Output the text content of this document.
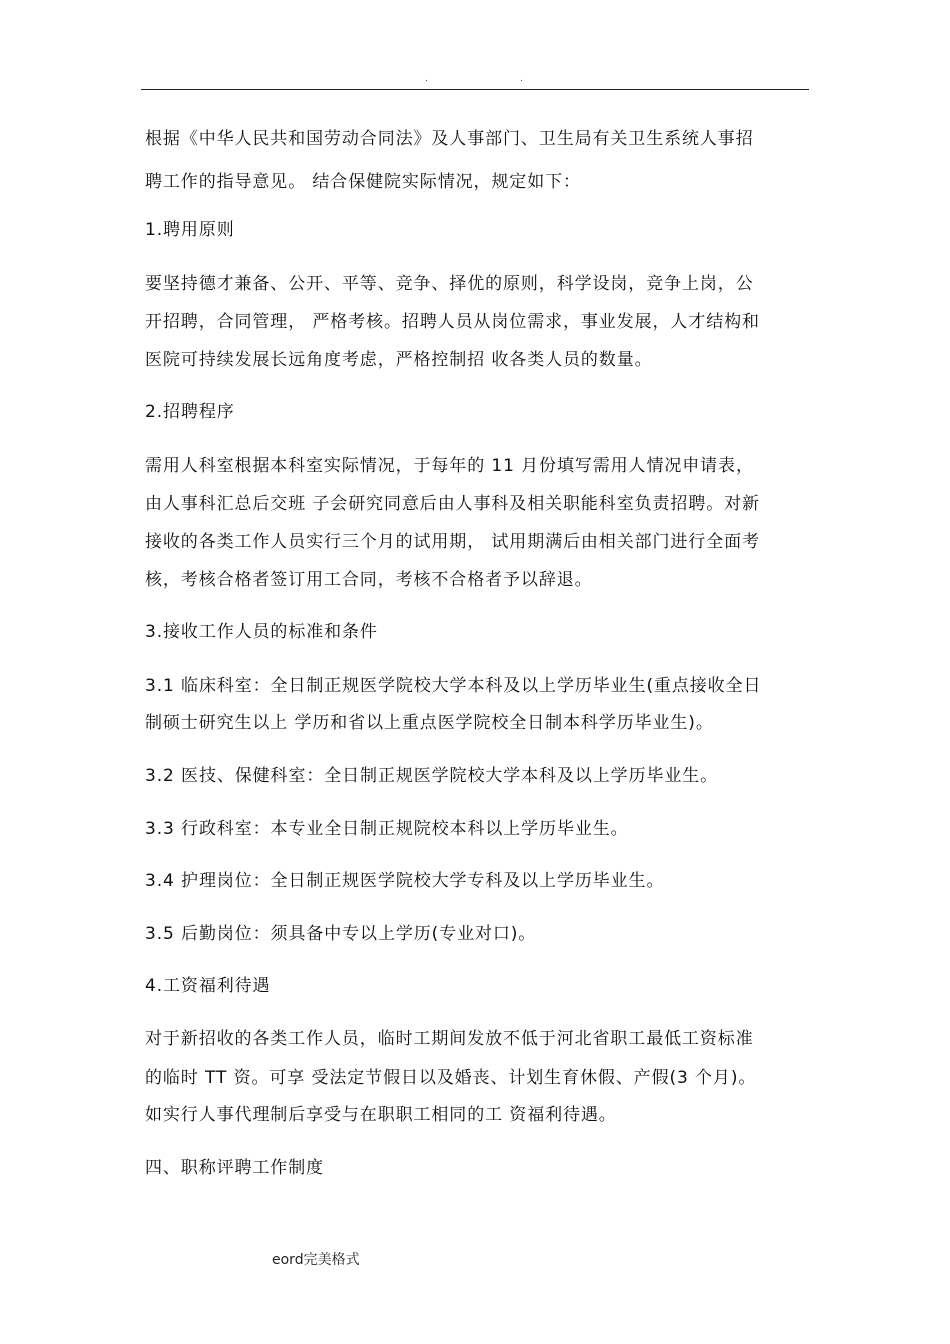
.	.
根据《中华人民共和国劳动合同法》及人事部门、卫生局有关卫生系统人事招
聘工作的指导意见。 结合保健院实际情况，规定如下：
1.聘用原则
要坚持德才兼备、公开、平等、竞争、择优的原则，科学设岗，竞争上岗，公
开招聘，合同管理， 严格考核。招聘人员从岗位需求，事业发展，人才结构和
医院可持续发展长远角度考虑，严格控制招 收各类人员的数量。
2.招聘程序
需用人科室根据本科室实际情况，于每年的 11 月份填写需用人情况申请表，
由人事科汇总后交班 子会研究同意后由人事科及相关职能科室负责招聘。对新
接收的各类工作人员实行三个月的试用期， 试用期满后由相关部门进行全面考
核，考核合格者签订用工合同，考核不合格者予以辞退。
3.接收工作人员的标准和条件
3.1 临床科室：全日制正规医学院校大学本科及以上学历毕业生(重点接收全日
制硕士研究生以上 学历和省以上重点医学院校全日制本科学历毕业生)。
3.2 医技、保健科室：全日制正规医学院校大学本科及以上学历毕业生。
3.3 行政科室：本专业全日制正规院校本科以上学历毕业生。
3.4 护理岗位：全日制正规医学院校大学专科及以上学历毕业生。
3.5 后勤岗位：须具备中专以上学历(专业对口)。
4.工资福利待遇
对于新招收的各类工作人员，临时工期间发放不低于河北省职工最低工资标准
的临时 TT 资。可享 受法定节假日以及婚丧、计划生育休假、产假(3 个月)。
如实行人事代理制后享受与在职职工相同的工 资福利待遇。
四、职称评聘工作制度
eord完美格式
